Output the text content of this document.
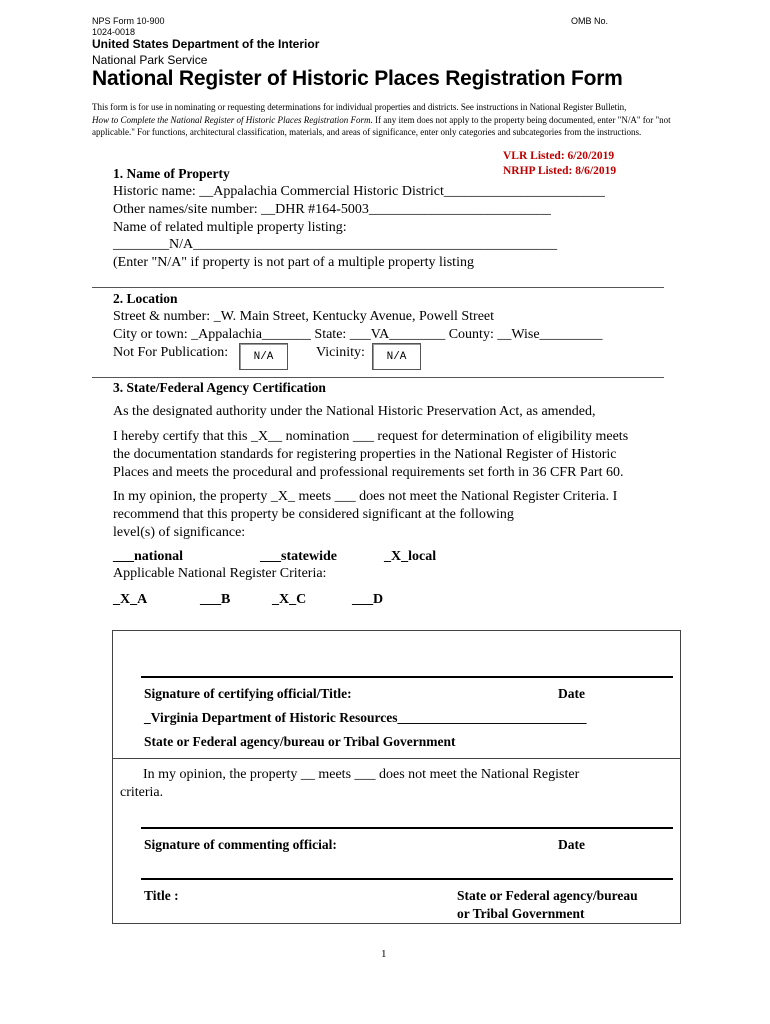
NPS Form 10-900	OMB No.
1024-0018
United States Department of the Interior
National Park Service
National Register of Historic Places Registration Form
This form is for use in nominating or requesting determinations for individual properties and districts. See instructions in National Register Bulletin,
How to Complete the National Register of Historic Places Registration Form. If any item does not apply to the property being documented, enter "N/A" for "not applicable." For functions, architectural classification, materials, and areas of significance, enter only categories and subcategories from the instructions.
VLR Listed: 6/20/2019
NRHP Listed: 8/6/2019
1. Name of Property
Historic name: __Appalachia Commercial Historic District_______________________
Other names/site number: __DHR #164-5003__________________________
Name of related multiple property listing:
________N/A____________________________________________________
(Enter "N/A" if property is not part of a multiple property listing
2. Location
Street & number: _W. Main Street, Kentucky Avenue, Powell Street
City or town: _Appalachia_______ State: ___VA________ County: __Wise_________
Not For Publication:	N/A	Vicinity:	N/A
3. State/Federal Agency Certification
As the designated authority under the National Historic Preservation Act, as amended,
I hereby certify that this _X__ nomination ___ request for determination of eligibility meets
the documentation standards for registering properties in the National Register of Historic
Places and meets the procedural and professional requirements set forth in 36 CFR Part 60.
In my opinion, the property _X_ meets ___ does not meet the National Register Criteria. I
recommend that this property be considered significant at the following
level(s) of significance:
___national	___statewide	_X_local
Applicable National Register Criteria:
_X_A	___B	_X_C	___D
Signature of certifying official/Title:	Date
_Virginia Department of Historic Resources____________________________
State or Federal agency/bureau or Tribal Government
In my opinion, the property __ meets ___ does not meet the National Register
criteria.
Signature of commenting official:	Date
Title :	State or Federal agency/bureau
or Tribal Government
1
